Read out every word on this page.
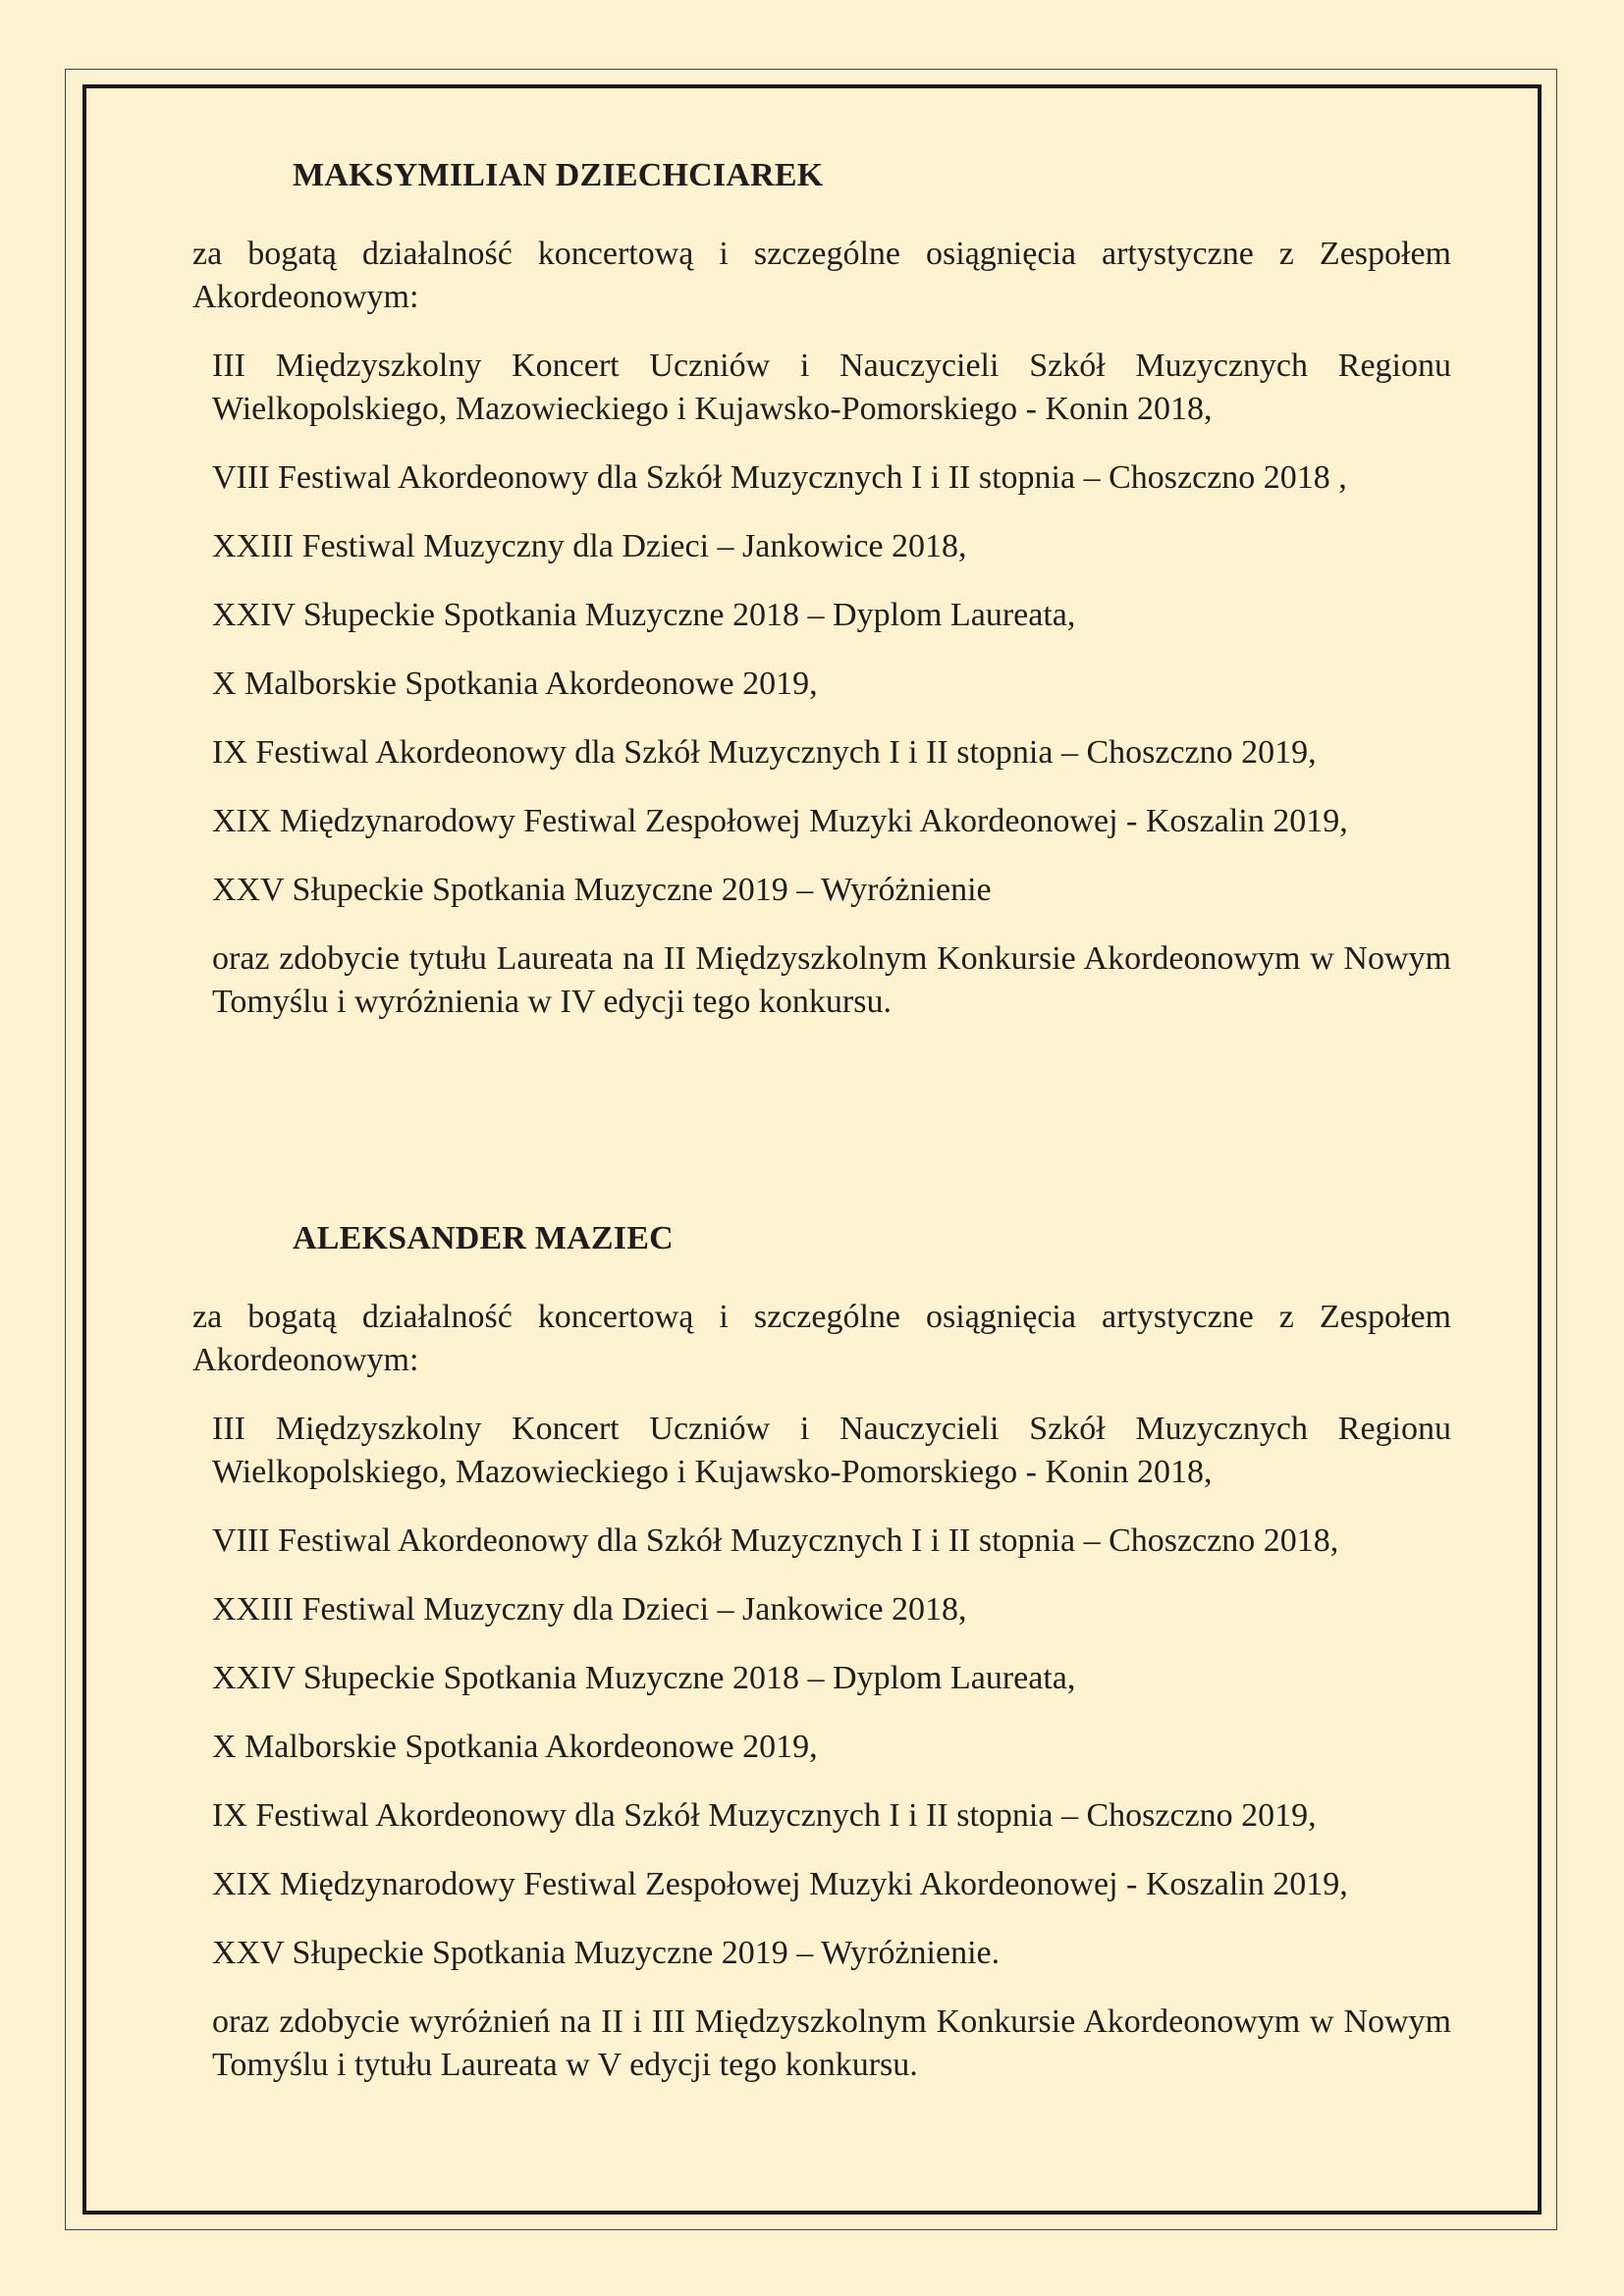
MAKSYMILIAN DZIECHCIAREK

za bogatą działalność koncertową i szczególne osiągnięcia artystyczne z Zespołem Akordeonowym:

III Międzyszkolny Koncert Uczniów i Nauczycieli Szkół Muzycznych Regionu Wielkopolskiego, Mazowieckiego i Kujawsko-Pomorskiego - Konin 2018,
VIII Festiwal Akordeonowy dla Szkół Muzycznych I i II stopnia – Choszczno 2018 ,
XXIII Festiwal Muzyczny dla Dzieci – Jankowice 2018,
XXIV Słupeckie Spotkania Muzyczne 2018 – Dyplom Laureata,
X Malborskie Spotkania Akordeonowe 2019,
IX Festiwal Akordeonowy dla Szkół Muzycznych I i II stopnia – Choszczno 2019,
XIX Międzynarodowy Festiwal Zespołowej Muzyki Akordeonowej - Koszalin 2019,
XXV Słupeckie Spotkania Muzyczne 2019 – Wyróżnienie
oraz zdobycie tytułu Laureata na II Międzyszkolnym Konkursie Akordeonowym w Nowym Tomyślu i wyróżnienia w IV edycji tego konkursu.
ALEKSANDER MAZIEC

za bogatą działalność koncertową i szczególne osiągnięcia artystyczne z Zespołem Akordeonowym:

III Międzyszkolny Koncert Uczniów i Nauczycieli Szkół Muzycznych Regionu Wielkopolskiego, Mazowieckiego i Kujawsko-Pomorskiego - Konin 2018,
VIII Festiwal Akordeonowy dla Szkół Muzycznych I i II stopnia – Choszczno 2018,
XXIII Festiwal Muzyczny dla Dzieci – Jankowice 2018,
XXIV Słupeckie Spotkania Muzyczne 2018 – Dyplom Laureata,
X Malborskie Spotkania Akordeonowe 2019,
IX Festiwal Akordeonowy dla Szkół Muzycznych I i II stopnia – Choszczno 2019,
XIX Międzynarodowy Festiwal Zespołowej Muzyki Akordeonowej - Koszalin 2019,
XXV Słupeckie Spotkania Muzyczne 2019 – Wyróżnienie.
oraz zdobycie wyróżnień na II i III Międzyszkolnym Konkursie Akordeonowym w Nowym Tomyślu i tytułu Laureata w V edycji tego konkursu.
